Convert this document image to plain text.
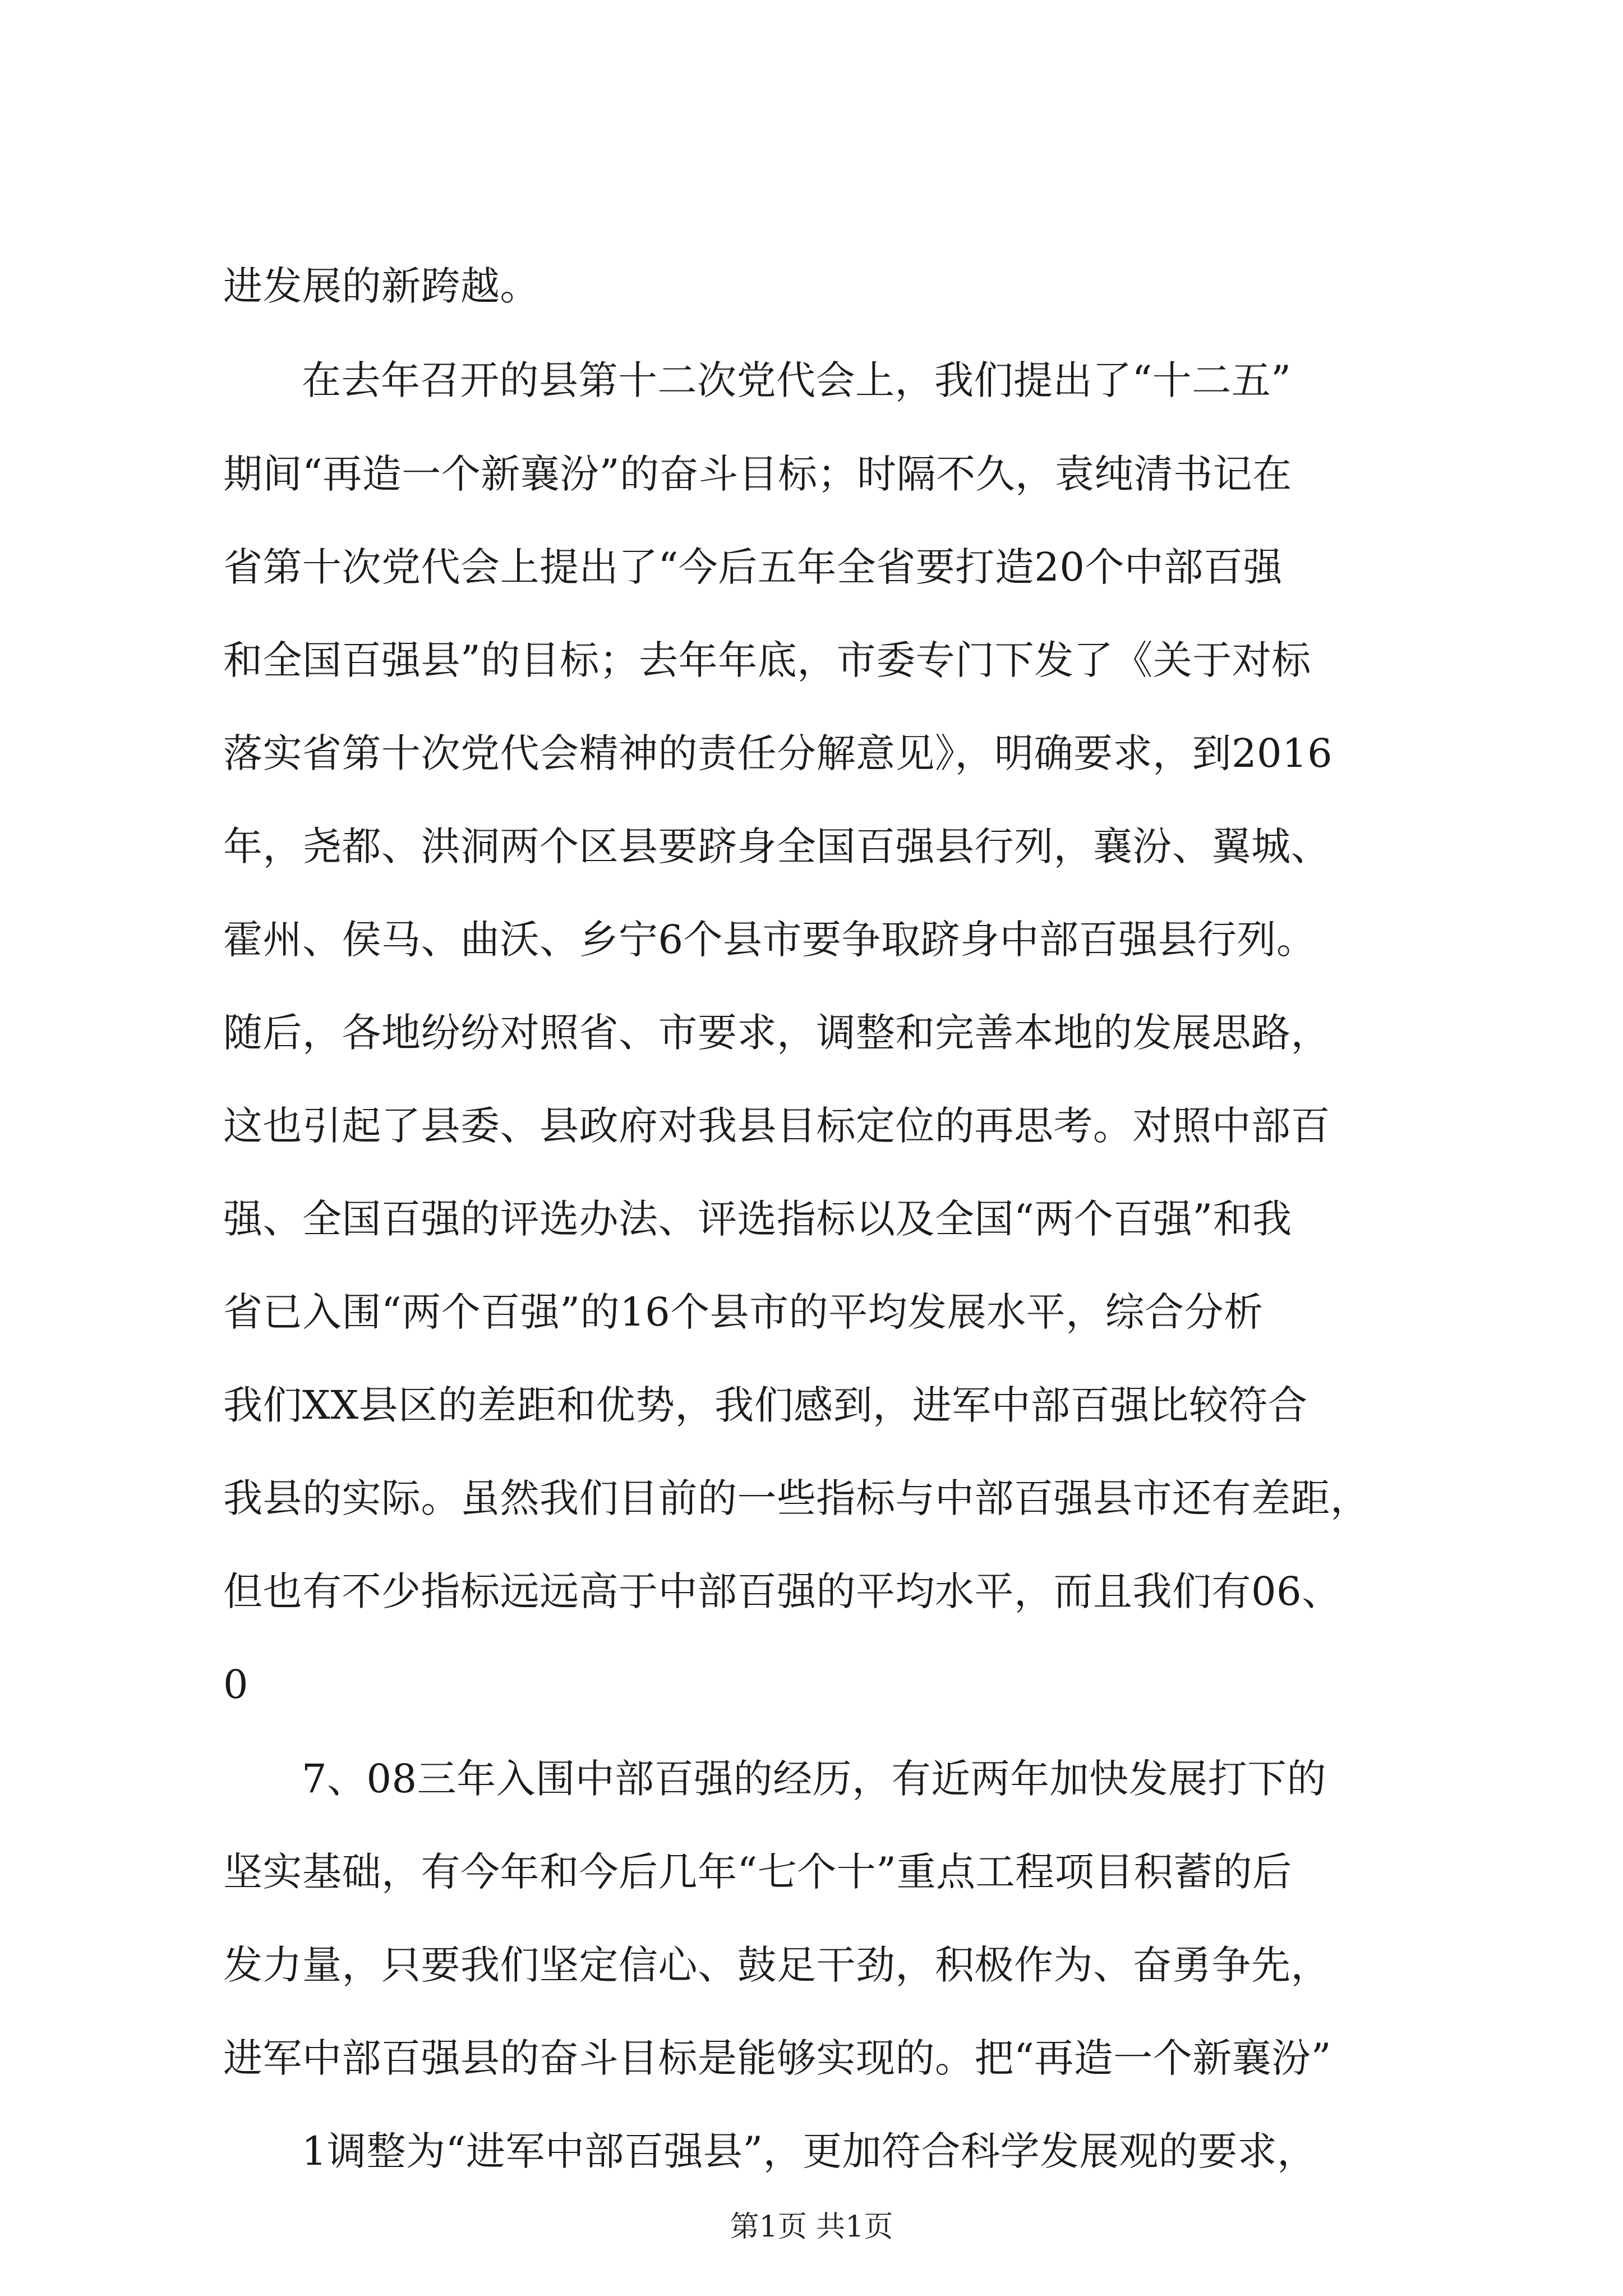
进发展的新跨越。
在去年召开的县第十二次党代会上，我们提出了“十二五”
期间“再造一个新襄汾”的奋斗目标；时隔不久，袁纯清书记在
省第十次党代会上提出了“今后五年全省要打造20个中部百强
和全国百强县”的目标；去年年底，市委专门下发了《关于对标
落实省第十次党代会精神的责任分解意见》，明确要求，到2016
年，尧都、洪洞两个区县要跻身全国百强县行列，襄汾、翼城、
霍州、侯马、曲沃、乡宁6个县市要争取跻身中部百强县行列。
随后，各地纷纷对照省、市要求，调整和完善本地的发展思路，
这也引起了县委、县政府对我县目标定位的再思考。对照中部百
强、全国百强的评选办法、评选指标以及全国“两个百强”和我
省已入围“两个百强”的16个县市的平均发展水平，综合分析
我们XX县区的差距和优势，我们感到，进军中部百强比较符合
我县的实际。虽然我们目前的一些指标与中部百强县市还有差距，
但也有不少指标远远高于中部百强的平均水平，而且我们有06、
0
7、08三年入围中部百强的经历，有近两年加快发展打下的
坚实基础，有今年和今后几年“七个十”重点工程项目积蓄的后
发力量，只要我们坚定信心、鼓足干劲，积极作为、奋勇争先，
进军中部百强县的奋斗目标是能够实现的。把“再造一个新襄汾”
1调整为“进军中部百强县”，更加符合科学发展观的要求，
第1页 共1页
